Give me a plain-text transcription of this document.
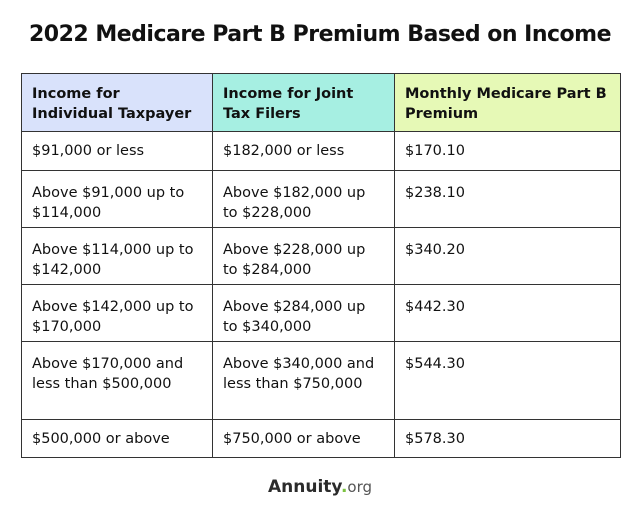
2022 Medicare Part B Premium Based on Income
Income for Individual Taxpayer	Income for Joint Tax Filers	Monthly Medicare Part B Premium
$91,000 or less	$182,000 or less	$170.10
Above $91,000 up to $114,000	Above $182,000 up to $228,000	$238.10
Above $114,000 up to $142,000	Above $228,000 up to $284,000	$340.20
Above $142,000 up to $170,000	Above $284,000 up to $340,000	$442.30
Above $170,000 and less than $500,000	Above $340,000 and less than $750,000	$544.30
$500,000 or above	$750,000 or above	$578.30
Annuity.org
